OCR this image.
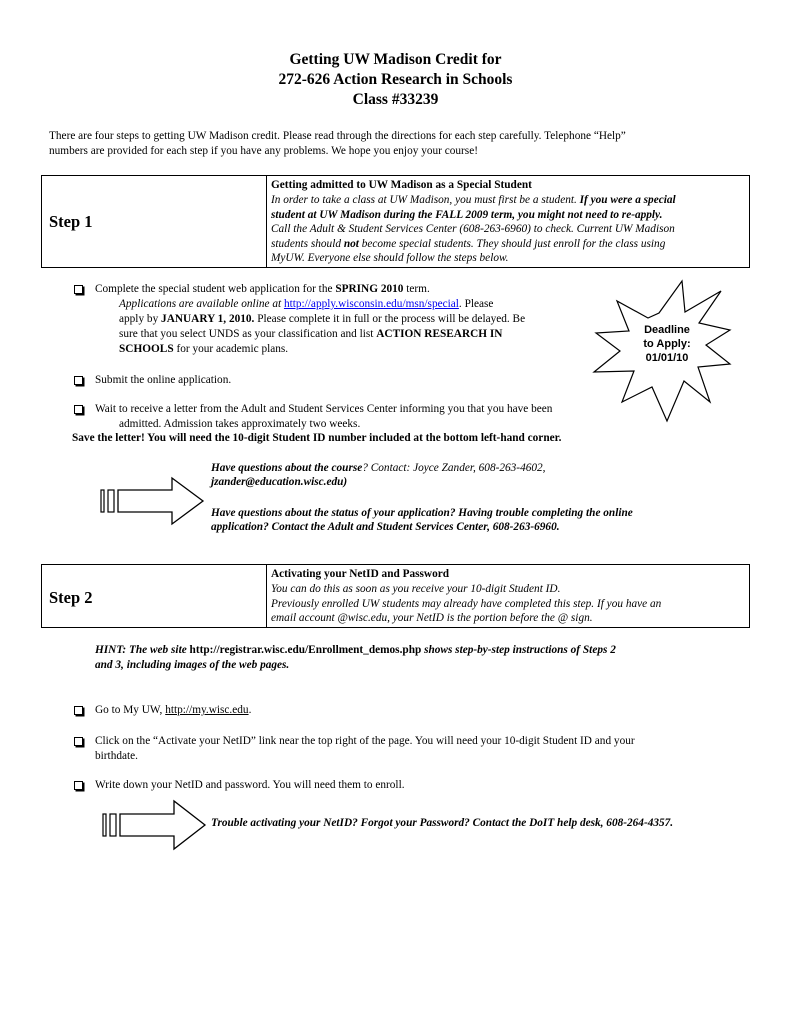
Getting UW Madison Credit for
272-626 Action Research in Schools
Class #33239
There are four steps to getting UW Madison credit. Please read through the directions for each step carefully. Telephone “Help”
numbers are provided for each step if you have any problems. We hope you enjoy your course!
Step 1
Getting admitted to UW Madison as a Special Student
In order to take a class at UW Madison, you must first be a student. If you were a special
student at UW Madison during the FALL 2009 term, you might not need to re-apply.
Call the Adult & Student Services Center (608-263-6960) to check. Current UW Madison
students should not become special students. They should just enroll for the class using
MyUW. Everyone else should follow the steps below.
Complete the special student web application for the SPRING 2010 term.
Applications are available online at http://apply.wisconsin.edu/msn/special. Please
apply by JANUARY 1, 2010. Please complete it in full or the process will be delayed. Be
sure that you select UNDS as your classification and list ACTION RESEARCH IN
SCHOOLS for your academic plans.
Deadline
to Apply:
01/01/10
Submit the online application.
Wait to receive a letter from the Adult and Student Services Center informing you that you have been
admitted. Admission takes approximately two weeks.
Save the letter! You will need the 10-digit Student ID number included at the bottom left-hand corner.
Have questions about the course? Contact: Joyce Zander, 608-263-4602,
jzander@education.wisc.edu)
Have questions about the status of your application? Having trouble completing the online
application? Contact the Adult and Student Services Center, 608-263-6960.
Step 2
Activating your NetID and Password
You can do this as soon as you receive your 10-digit Student ID.
Previously enrolled UW students may already have completed this step. If you have an
email account @wisc.edu, your NetID is the portion before the @ sign.
HINT: The web site http://registrar.wisc.edu/Enrollment_demos.php shows step-by-step instructions of Steps 2
and 3, including images of the web pages.
Go to My UW, http://my.wisc.edu.
Click on the “Activate your NetID” link near the top right of the page. You will need your 10-digit Student ID and your
birthdate.
Write down your NetID and password. You will need them to enroll.
Trouble activating your NetID? Forgot your Password? Contact the DoIT help desk, 608-264-4357.
